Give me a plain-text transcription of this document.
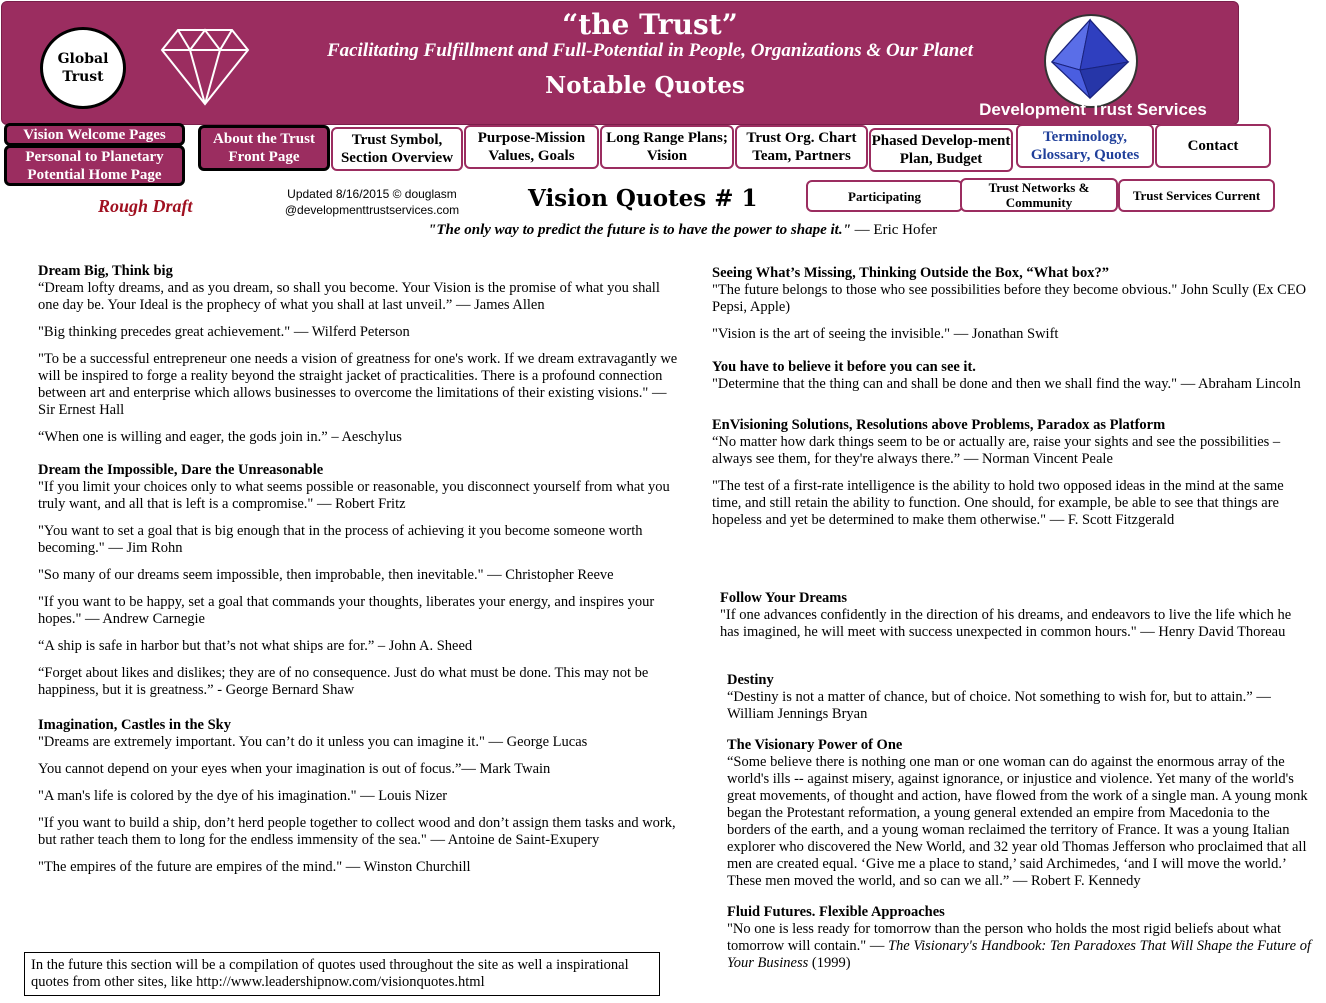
Global Trust
“the Trust”
Facilitating Fulfillment and Full-Potential in People, Organizations & Our Planet
Notable Quotes
Development Trust Services
Vision Welcome Pages
Personal to Planetary Potential Home Page
About the Trust Front Page
Trust Symbol, Section Overview
Purpose-Mission Values, Goals
Long Range Plans; Vision
Trust Org. Chart Team, Partners
Phased Develop-ment Plan, Budget
Terminology, Glossary, Quotes
Contact
Participating
Trust Networks & Community	Trust Services Current
Rough Draft
Updated 8/16/2015 © douglasm
@developmenttrustservices.com	Vision Quotes # 1
"The only way to predict the future is to have the power to shape it." — Eric Hofer
Dream Big, Think big

“Dream lofty dreams, and as you dream, so shall you become. Your Vision is the promise of what you shall one day be. Your Ideal is the prophecy of what you shall at last unveil.” — James Allen

"Big thinking precedes great achievement." — Wilferd Peterson

"To be a successful entrepreneur one needs a vision of greatness for one's work. If we dream extravagantly we will be inspired to forge a reality beyond the straight jacket of practicalities. There is a profound connection between art and enterprise which allows businesses to overcome the limitations of their existing visions." — Sir Ernest Hall

“When one is willing and eager, the gods join in.” – Aeschylus

Dream the Impossible, Dare the Unreasonable

"If you limit your choices only to what seems possible or reasonable, you disconnect yourself from what you truly want, and all that is left is a compromise." — Robert Fritz

"You want to set a goal that is big enough that in the process of achieving it you become someone worth becoming." — Jim Rohn

"So many of our dreams seem impossible, then improbable, then inevitable." — Christopher Reeve

"If you want to be happy, set a goal that commands your thoughts, liberates your energy, and inspires your hopes." — Andrew Carnegie

“A ship is safe in harbor but that’s not what ships are for.” – John A. Sheed

“Forget about likes and dislikes; they are of no consequence. Just do what must be done. This may not be happiness, but it is greatness.” - George Bernard Shaw

Imagination, Castles in the Sky

"Dreams are extremely important. You can’t do it unless you can imagine it." — George Lucas

You cannot depend on your eyes when your imagination is out of focus.”— Mark Twain

"A man's life is colored by the dye of his imagination." — Louis Nizer

"If you want to build a ship, don’t herd people together to collect wood and don’t assign them tasks and work, but rather teach them to long for the endless immensity of the sea." — Antoine de Saint-Exupery

"The empires of the future are empires of the mind." — Winston Churchill

In the future this section will be a compilation of quotes used throughout the site as well a inspirational quotes from other sites, like http://www.leadershipnow.com/visionquotes.html
Seeing What’s Missing, Thinking Outside the Box, “What box?”

"The future belongs to those who see possibilities before they become obvious." John Scully (Ex CEO Pepsi, Apple)

"Vision is the art of seeing the invisible." — Jonathan Swift

You have to believe it before you can see it.

"Determine that the thing can and shall be done and then we shall find the way." — Abraham Lincoln

EnVisioning Solutions, Resolutions above Problems, Paradox as Platform

“No matter how dark things seem to be or actually are, raise your sights and see the possibilities – always see them, for they're always there.” — Norman Vincent Peale

"The test of a first-rate intelligence is the ability to hold two opposed ideas in the mind at the same time, and still retain the ability to function. One should, for example, be able to see that things are hopeless and yet be determined to make them otherwise." — F. Scott Fitzgerald

Follow Your Dreams

"If one advances confidently in the direction of his dreams, and endeavors to live the life which he has imagined, he will meet with success unexpected in common hours." — Henry David Thoreau

Destiny

“Destiny is not a matter of chance, but of choice. Not something to wish for, but to attain.” — William Jennings Bryan

The Visionary Power of One

“Some believe there is nothing one man or one woman can do against the enormous array of the world's ills -- against misery, against ignorance, or injustice and violence. Yet many of the world's great movements, of thought and action, have flowed from the work of a single man. A young monk began the Protestant reformation, a young general extended an empire from Macedonia to the borders of the earth, and a young woman reclaimed the territory of France. It was a young Italian explorer who discovered the New World, and 32 year old Thomas Jefferson who proclaimed that all men are created equal. ‘Give me a place to stand,’ said Archimedes, ‘and I will move the world.’ These men moved the world, and so can we all.” — Robert F. Kennedy

Fluid Futures. Flexible Approaches

"No one is less ready for tomorrow than the person who holds the most rigid beliefs about what tomorrow will contain." — The Visionary's Handbook: Ten Paradoxes That Will Shape the Future of Your Business (1999)
